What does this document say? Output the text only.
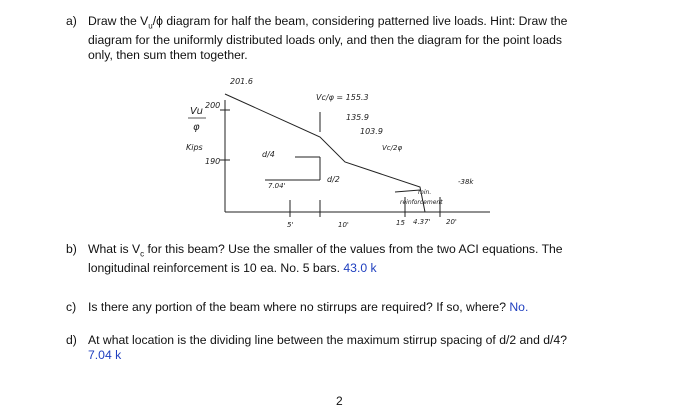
a) Draw the $V_u/\phi$ diagram for half the beam, considering patterned live loads. Hint: Draw the
diagram for the uniformly distributed loads only, and then the diagram for the point loads
only, then sum them together.
Vu
φ
Kips
200
190
201.6
Vc/φ = 155.3
135.9
103.9
Vc/2φ
d/4
d/2
7.04'
5'	10'	15 4.37' 20'
-38k
min.
reinforcement
b) What is $V_c$ for this beam? Use the smaller of the values from the two ACI equations. The
longitudinal reinforcement is 10 ea. No. 5 bars. 43.0 k
c) Is there any portion of the beam where no stirrups are required? If so, where? No.
d) At what location is the dividing line between the maximum stirrup spacing of d/2 and d/4?
7.04 k
2
